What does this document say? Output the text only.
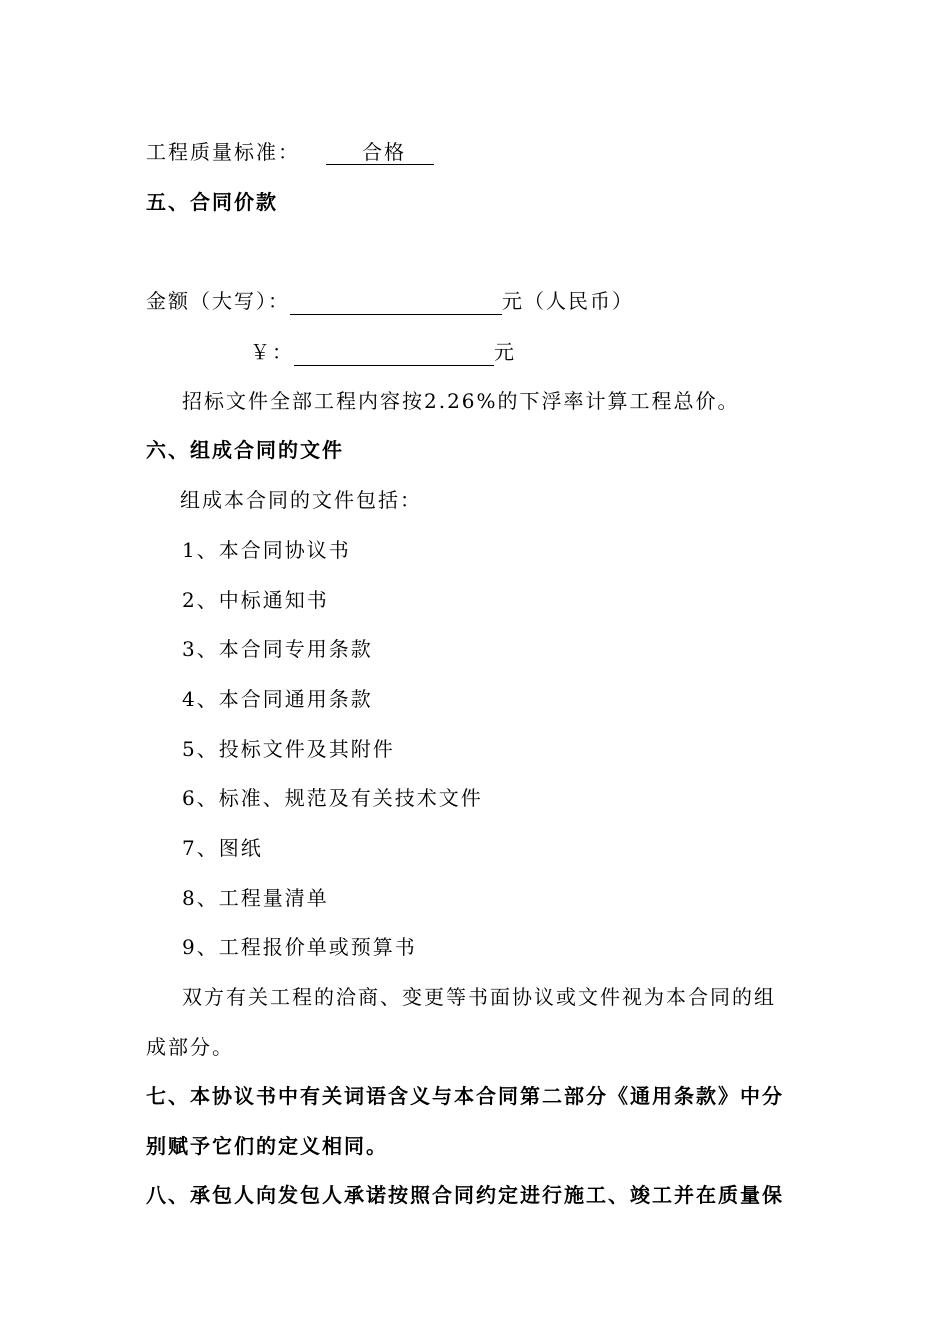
工程质量标准：	合格
五、合同价款
金额（大写）：	元（人民币）
￥：	元
招标文件全部工程内容按2.26%的下浮率计算工程总价。
六、组成合同的文件
组成本合同的文件包括：
1、本合同协议书
2、中标通知书
3、本合同专用条款
4、本合同通用条款
5、投标文件及其附件
6、标准、规范及有关技术文件
7、图纸
8、工程量清单
9、工程报价单或预算书
双方有关工程的洽商、变更等书面协议或文件视为本合同的组
成部分。
七、本协议书中有关词语含义与本合同第二部分《通用条款》中分
别赋予它们的定义相同。
八、承包人向发包人承诺按照合同约定进行施工、竣工并在质量保
